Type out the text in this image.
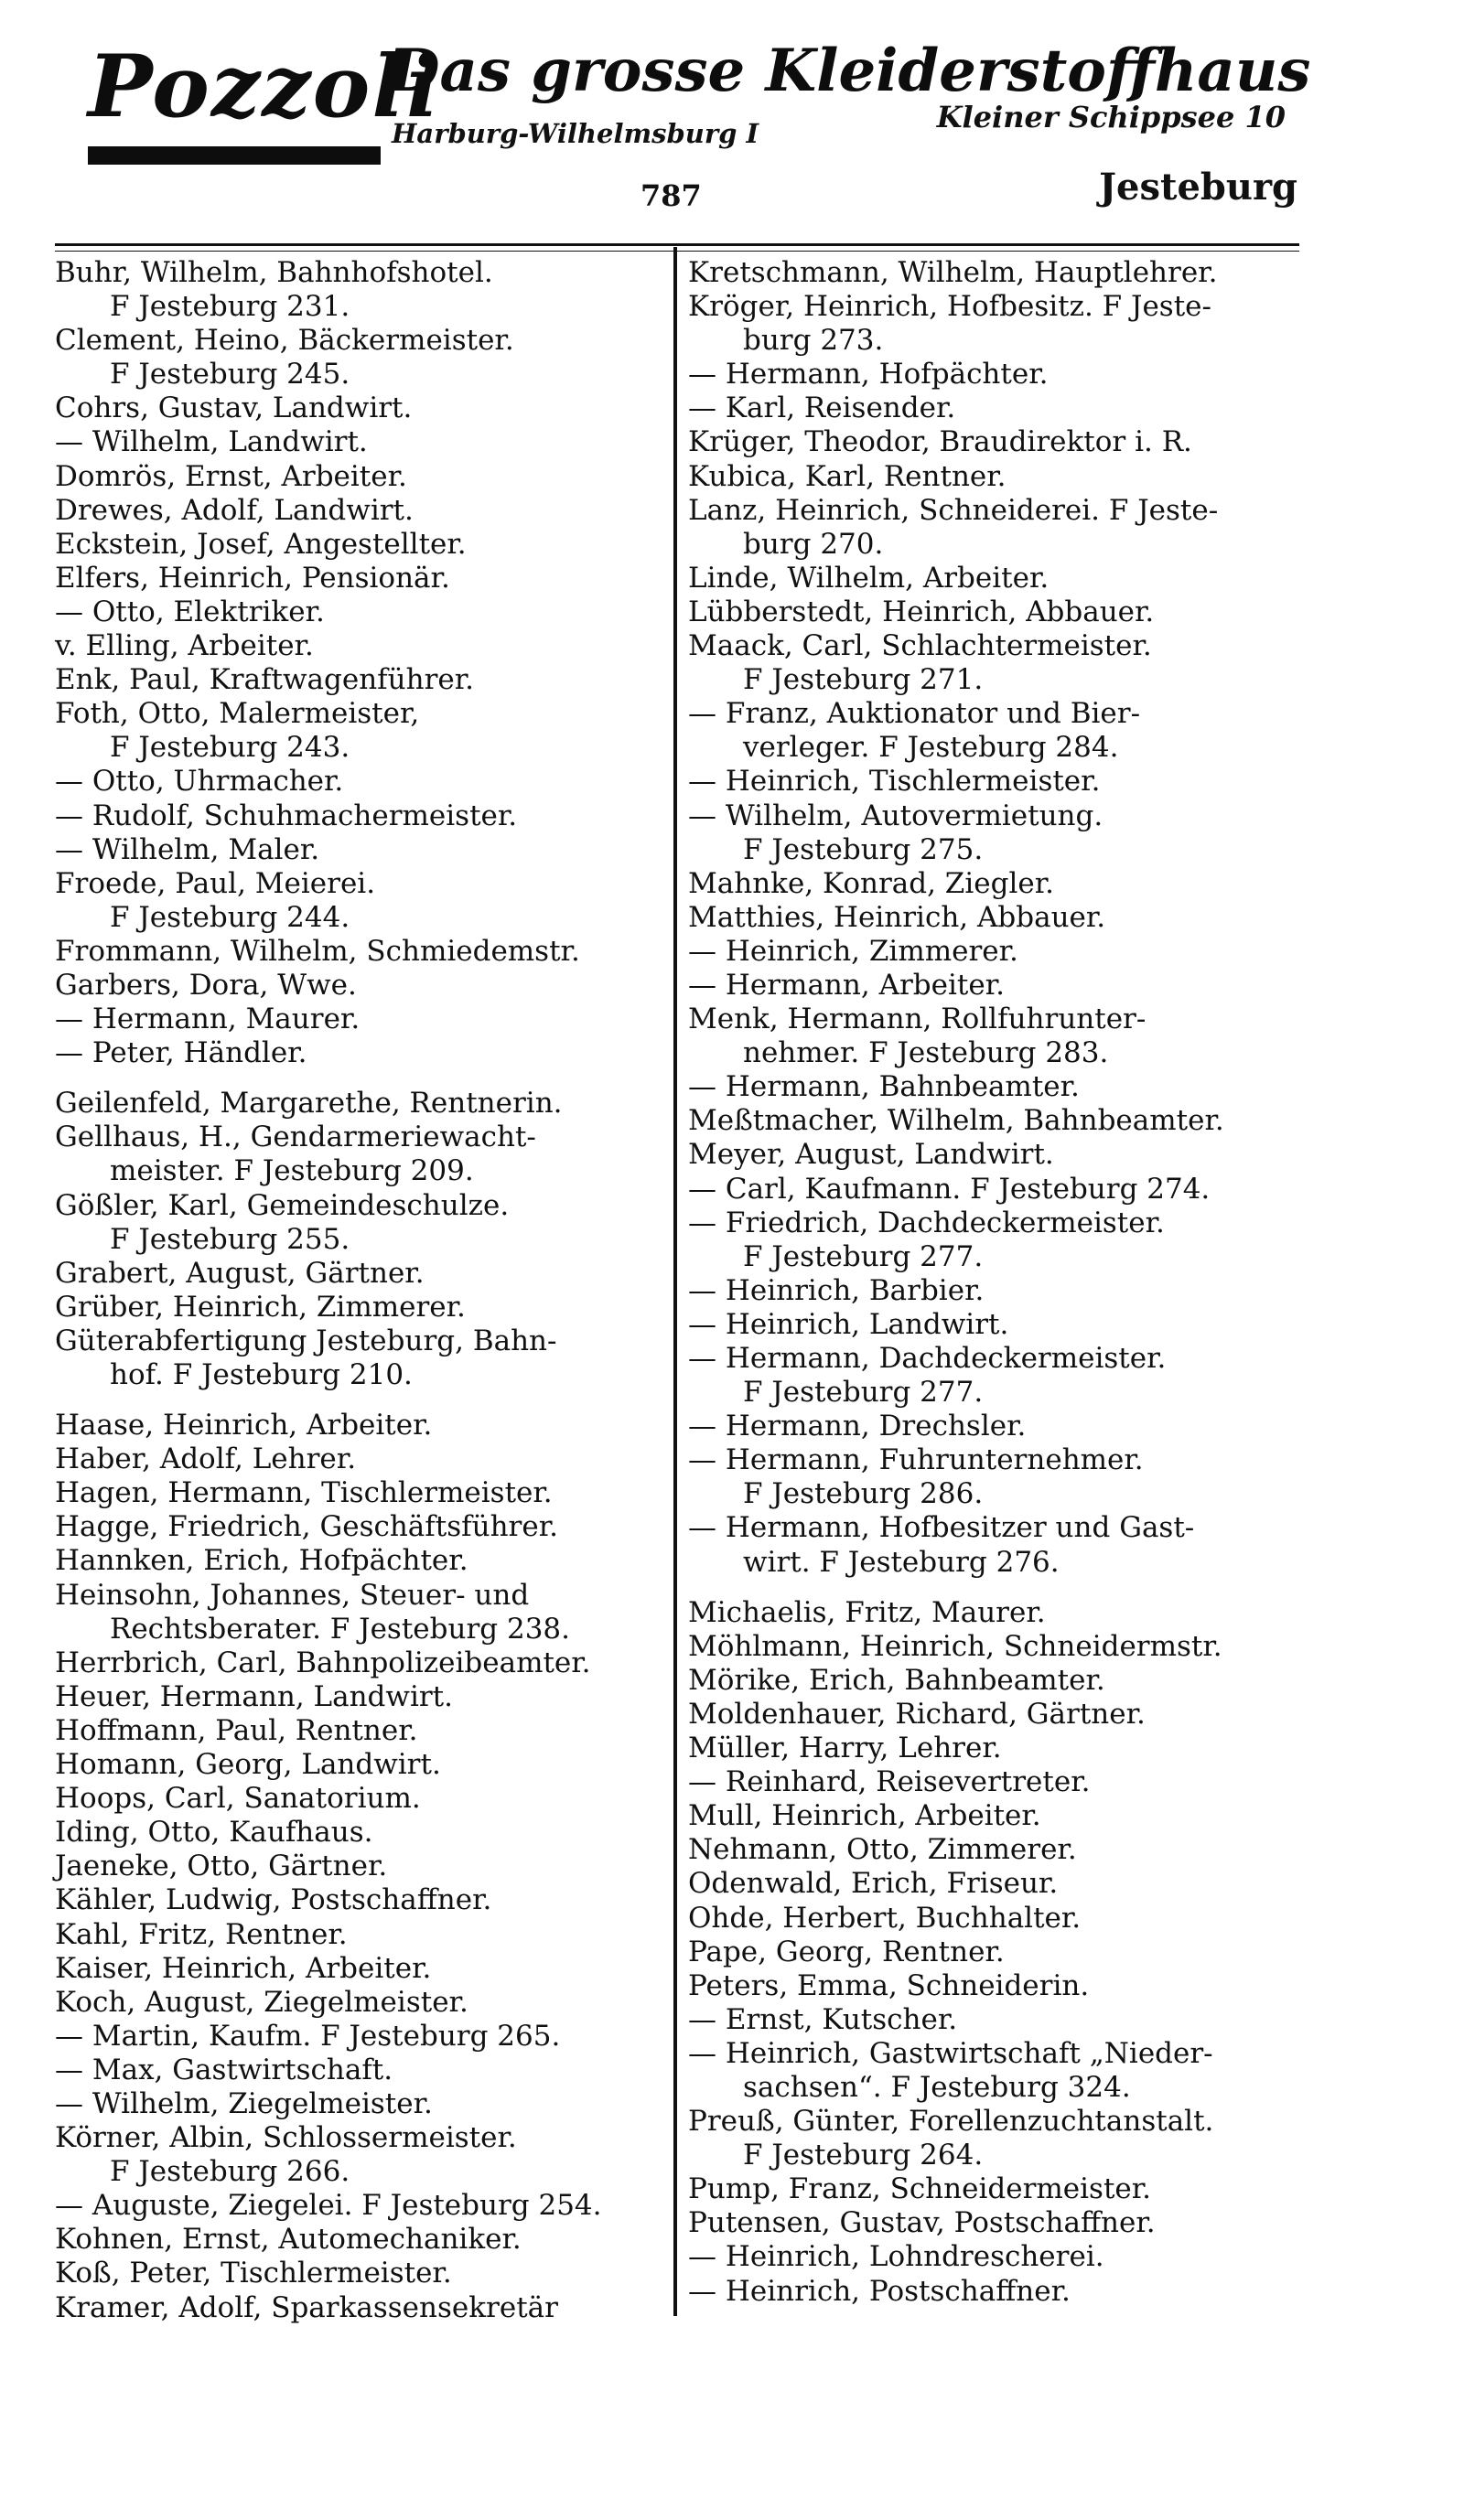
Pozzoli
Das grosse Kleiderstoffhaus
Harburg-Wilhelmsburg I	Kleiner Schippsee 10
787	Jesteburg
Buhr, Wilhelm, Bahnhofshotel.
F Jesteburg 231.
Clement, Heino, Bäckermeister.
F Jesteburg 245.
Cohrs, Gustav, Landwirt.
— Wilhelm, Landwirt.
Domrös, Ernst, Arbeiter.
Drewes, Adolf, Landwirt.
Eckstein, Josef, Angestellter.
Elfers, Heinrich, Pensionär.
— Otto, Elektriker.
v. Elling, Arbeiter.
Enk, Paul, Kraftwagenführer.
Foth, Otto, Malermeister,
F Jesteburg 243.
— Otto, Uhrmacher.
— Rudolf, Schuhmachermeister.
— Wilhelm, Maler.
Froede, Paul, Meierei.
F Jesteburg 244.
Frommann, Wilhelm, Schmiedemstr.
Garbers, Dora, Wwe.
— Hermann, Maurer.
— Peter, Händler.
Geilenfeld, Margarethe, Rentnerin.
Gellhaus, H., Gendarmeriewacht-
meister. F Jesteburg 209.
Gößler, Karl, Gemeindeschulze.
F Jesteburg 255.
Grabert, August, Gärtner.
Grüber, Heinrich, Zimmerer.
Güterabfertigung Jesteburg, Bahn-
hof. F Jesteburg 210.
Haase, Heinrich, Arbeiter.
Haber, Adolf, Lehrer.
Hagen, Hermann, Tischlermeister.
Hagge, Friedrich, Geschäftsführer.
Hannken, Erich, Hofpächter.
Heinsohn, Johannes, Steuer- und
Rechtsberater. F Jesteburg 238.
Herrbrich, Carl, Bahnpolizeibeamter.
Heuer, Hermann, Landwirt.
Hoffmann, Paul, Rentner.
Homann, Georg, Landwirt.
Hoops, Carl, Sanatorium.
Iding, Otto, Kaufhaus.
Jaeneke, Otto, Gärtner.
Kähler, Ludwig, Postschaffner.
Kahl, Fritz, Rentner.
Kaiser, Heinrich, Arbeiter.
Koch, August, Ziegelmeister.
— Martin, Kaufm. F Jesteburg 265.
— Max, Gastwirtschaft.
— Wilhelm, Ziegelmeister.
Körner, Albin, Schlossermeister.
F Jesteburg 266.
— Auguste, Ziegelei. F Jesteburg 254.
Kohnen, Ernst, Automechaniker.
Koß, Peter, Tischlermeister.
Kramer, Adolf, Sparkassensekretär
Kretschmann, Wilhelm, Hauptlehrer.
Kröger, Heinrich, Hofbesitz. F Jeste-
burg 273.
— Hermann, Hofpächter.
— Karl, Reisender.
Krüger, Theodor, Braudirektor i. R.
Kubica, Karl, Rentner.
Lanz, Heinrich, Schneiderei. F Jeste-
burg 270.
Linde, Wilhelm, Arbeiter.
Lübberstedt, Heinrich, Abbauer.
Maack, Carl, Schlachtermeister.
F Jesteburg 271.
— Franz, Auktionator und Bier-
verleger. F Jesteburg 284.
— Heinrich, Tischlermeister.
— Wilhelm, Autovermietung.
F Jesteburg 275.
Mahnke, Konrad, Ziegler.
Matthies, Heinrich, Abbauer.
— Heinrich, Zimmerer.
— Hermann, Arbeiter.
Menk, Hermann, Rollfuhrunter-
nehmer. F Jesteburg 283.
— Hermann, Bahnbeamter.
Meßtmacher, Wilhelm, Bahnbeamter.
Meyer, August, Landwirt.
— Carl, Kaufmann. F Jesteburg 274.
— Friedrich, Dachdeckermeister.
F Jesteburg 277.
— Heinrich, Barbier.
— Heinrich, Landwirt.
— Hermann, Dachdeckermeister.
F Jesteburg 277.
— Hermann, Drechsler.
— Hermann, Fuhrunternehmer.
F Jesteburg 286.
— Hermann, Hofbesitzer und Gast-
wirt. F Jesteburg 276.
Michaelis, Fritz, Maurer.
Möhlmann, Heinrich, Schneidermstr.
Mörike, Erich, Bahnbeamter.
Moldenhauer, Richard, Gärtner.
Müller, Harry, Lehrer.
— Reinhard, Reisevertreter.
Mull, Heinrich, Arbeiter.
Nehmann, Otto, Zimmerer.
Odenwald, Erich, Friseur.
Ohde, Herbert, Buchhalter.
Pape, Georg, Rentner.
Peters, Emma, Schneiderin.
— Ernst, Kutscher.
— Heinrich, Gastwirtschaft „Nieder-
sachsen“. F Jesteburg 324.
Preuß, Günter, Forellenzuchtanstalt.
F Jesteburg 264.
Pump, Franz, Schneidermeister.
Putensen, Gustav, Postschaffner.
— Heinrich, Lohndrescherei.
— Heinrich, Postschaffner.
